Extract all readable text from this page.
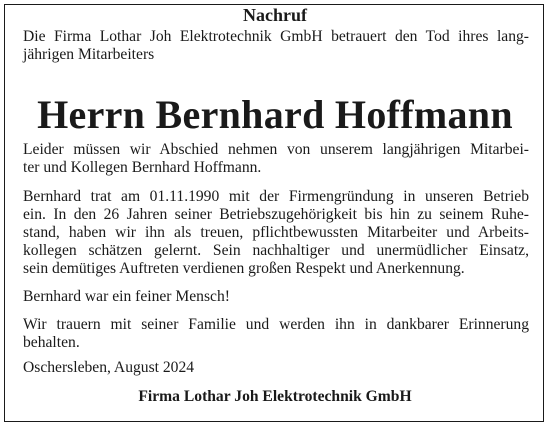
Nachruf
Die Firma Lothar Joh Elektrotechnik GmbH betrauert den Tod ihres lang-
jährigen Mitarbeiters
Herrn Bernhard Hoffmann
Leider müssen wir Abschied nehmen von unserem langjährigen Mitarbei-
ter und Kollegen Bernhard Hoffmann.
Bernhard trat am 01.11.1990 mit der Firmengründung in unseren Betrieb
ein. In den 26 Jahren seiner Betriebszugehörigkeit bis hin zu seinem Ruhe-
stand, haben wir ihn als treuen, pflichtbewussten Mitarbeiter und Arbeits-
kollegen schätzen gelernt. Sein nachhaltiger und unermüdlicher Einsatz,
sein demütiges Auftreten verdienen großen Respekt und Anerkennung.
Bernhard war ein feiner Mensch!
Wir trauern mit seiner Familie und werden ihn in dankbarer Erinnerung
behalten.
Oschersleben, August 2024
Firma Lothar Joh Elektrotechnik GmbH
